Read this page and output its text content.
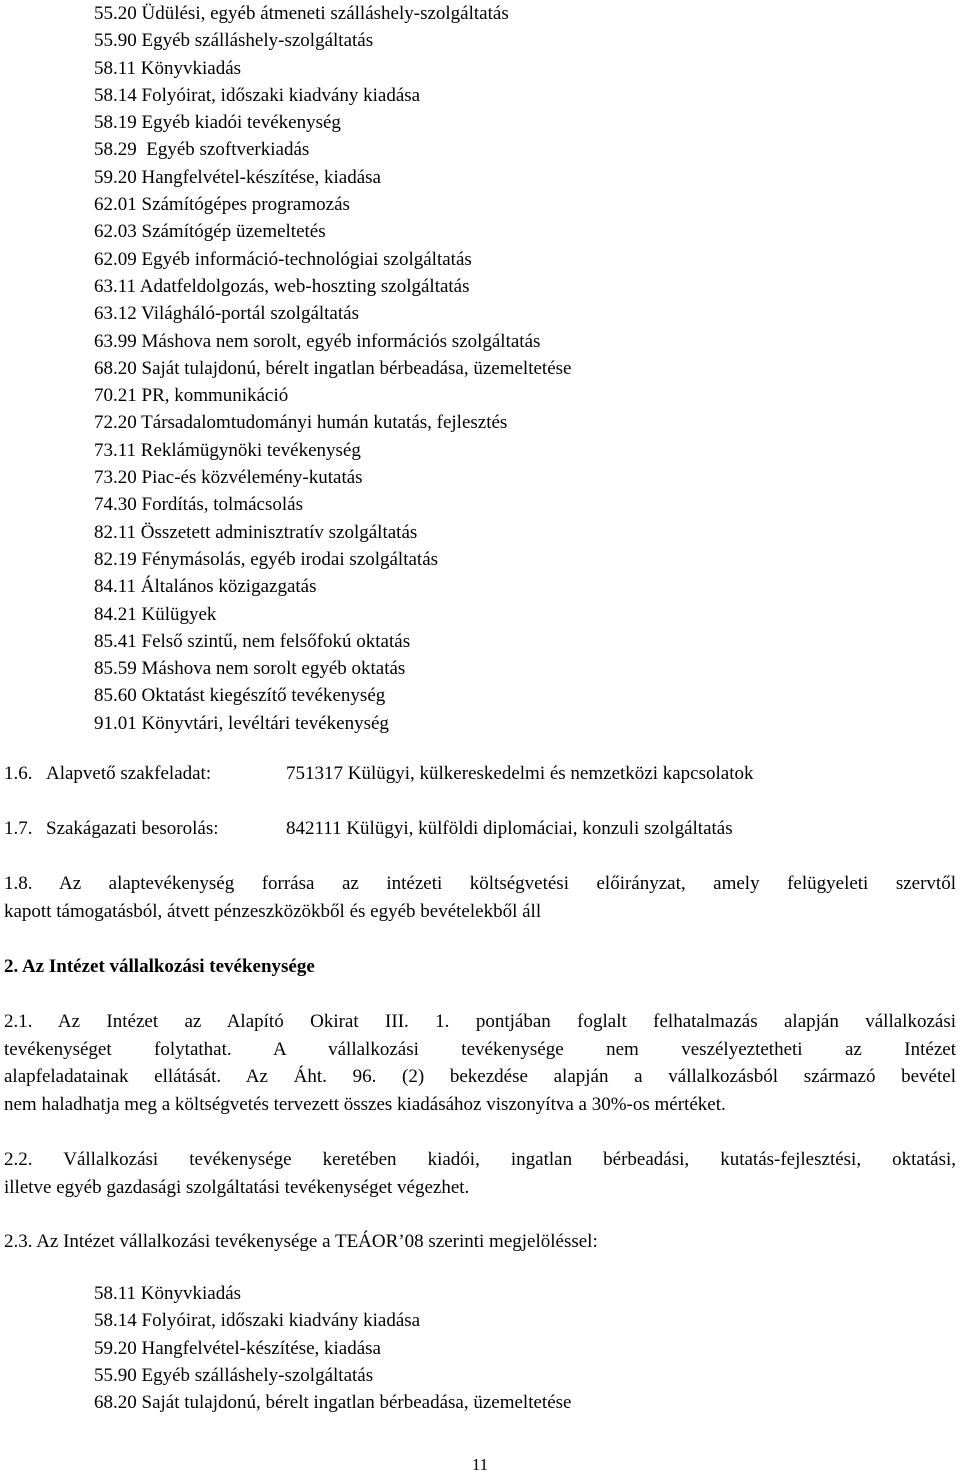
55.20 Üdülési, egyéb átmeneti szálláshely-szolgáltatás
55.90 Egyéb szálláshely-szolgáltatás
58.11 Könyvkiadás
58.14 Folyóirat, időszaki kiadvány kiadása
58.19 Egyéb kiadói tevékenység
58.29  Egyéb szoftverkiadás
59.20 Hangfelvétel-készítése, kiadása
62.01 Számítógépes programozás
62.03 Számítógép üzemeltetés
62.09 Egyéb információ-technológiai szolgáltatás
63.11 Adatfeldolgozás, web-hoszting szolgáltatás
63.12 Világháló-portál szolgáltatás
63.99 Máshova nem sorolt, egyéb információs szolgáltatás
68.20 Saját tulajdonú, bérelt ingatlan bérbeadása, üzemeltetése
70.21 PR, kommunikáció
72.20 Társadalomtudományi humán kutatás, fejlesztés
73.11 Reklámügynöki tevékenység
73.20 Piac-és közvélemény-kutatás
74.30 Fordítás, tolmácsolás
82.11 Összetett adminisztratív szolgáltatás
82.19 Fénymásolás, egyéb irodai szolgáltatás
84.11 Általános közigazgatás
84.21 Külügyek
85.41 Felső szintű, nem felsőfokú oktatás
85.59 Máshova nem sorolt egyéb oktatás
85.60 Oktatást kiegészítő tevékenység
91.01 Könyvtári, levéltári tevékenység
1.6. Alapvető szakfeladat:	751317 Külügyi, külkereskedelmi és nemzetközi kapcsolatok
1.7. Szakágazati besorolás:	842111 Külügyi, külföldi diplomáciai, konzuli szolgáltatás
1.8. Az alaptevékenység forrása az intézeti költségvetési előirányzat, amely felügyeleti szervtől
kapott támogatásból, átvett pénzeszközökből és egyéb bevételekből áll
2. Az Intézet vállalkozási tevékenysége
2.1. Az Intézet az Alapító Okirat III. 1. pontjában foglalt felhatalmazás alapján vállalkozási
tevékenységet folytathat. A vállalkozási tevékenysége nem veszélyeztetheti az Intézet
alapfeladatainak ellátását. Az Áht. 96. (2) bekezdése alapján a vállalkozásból származó bevétel
nem haladhatja meg a költségvetés tervezett összes kiadásához viszonyítva a 30%-os mértéket.
2.2. Vállalkozási tevékenysége keretében kiadói, ingatlan bérbeadási, kutatás-fejlesztési, oktatási,
illetve egyéb gazdasági szolgáltatási tevékenységet végezhet.
2.3. Az Intézet vállalkozási tevékenysége a TEÁOR’08 szerinti megjelöléssel:
58.11 Könyvkiadás
58.14 Folyóirat, időszaki kiadvány kiadása
59.20 Hangfelvétel-készítése, kiadása
55.90 Egyéb szálláshely-szolgáltatás
68.20 Saját tulajdonú, bérelt ingatlan bérbeadása, üzemeltetése
11
